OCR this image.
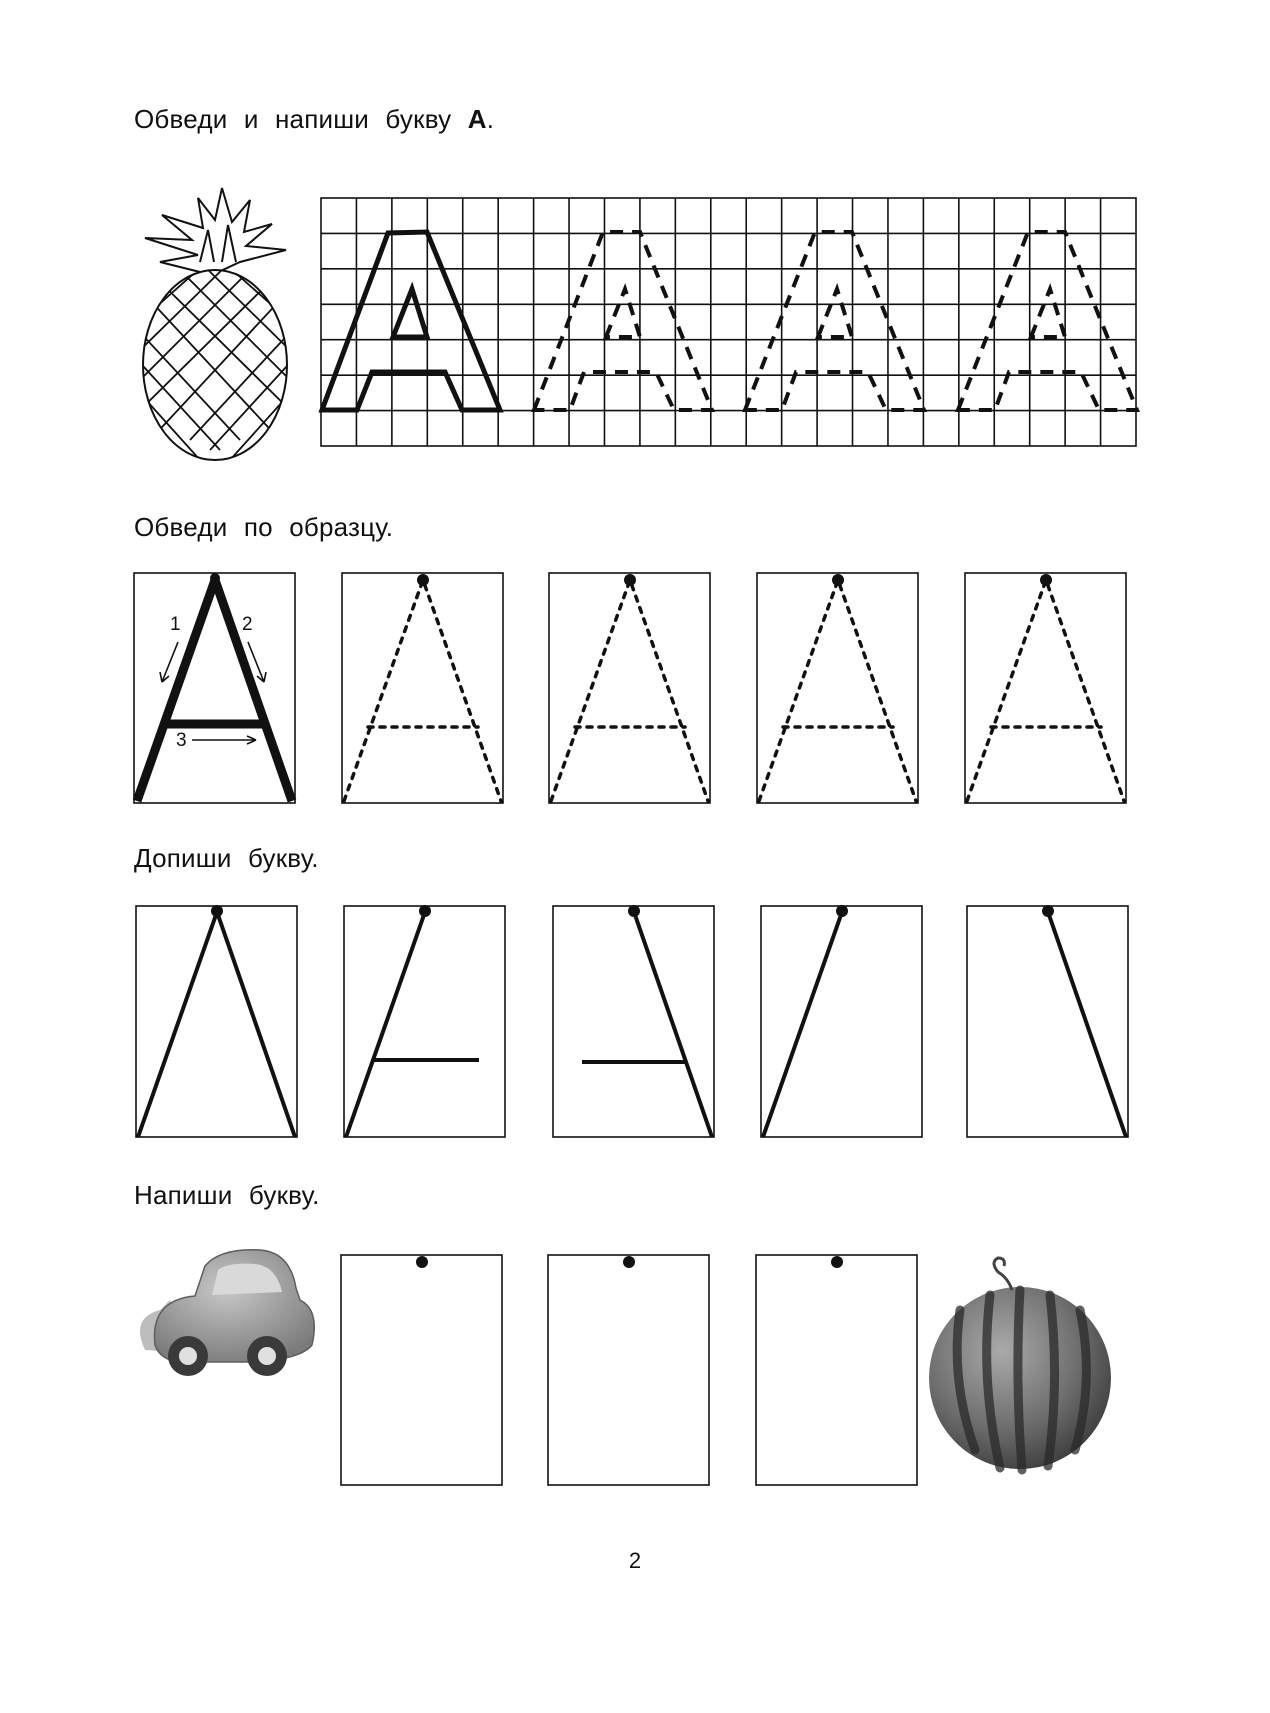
Обведи и напиши букву А.

Обведи по образцу.

Допиши букву.

Напиши букву.

1	2
3
2
